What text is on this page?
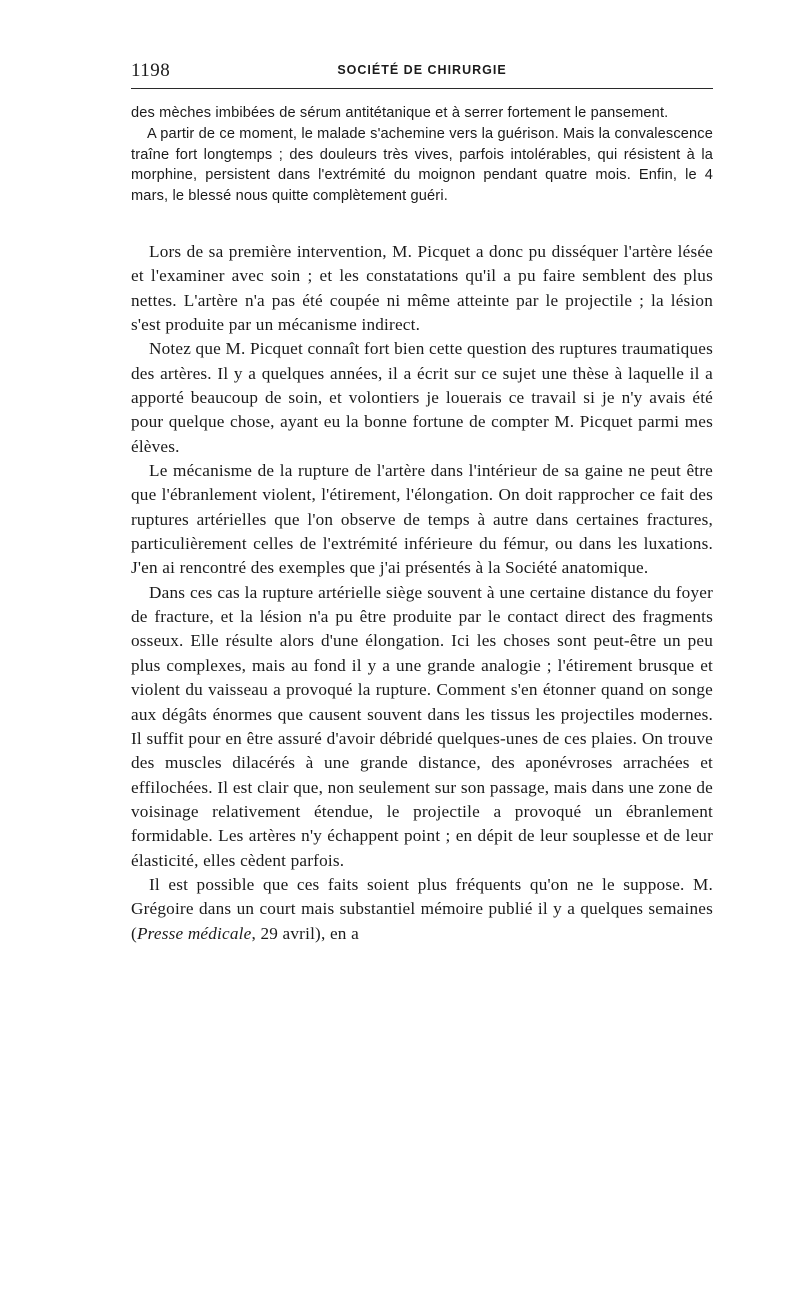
1198	SOCIÉTÉ DE CHIRURGIE

des mèches imbibées de sérum antitétanique et à serrer fortement le pansement.

A partir de ce moment, le malade s'achemine vers la guérison. Mais la convalescence traîne fort longtemps ; des douleurs très vives, parfois intolérables, qui résistent à la morphine, persistent dans l'extrémité du moignon pendant quatre mois. Enfin, le 4 mars, le blessé nous quitte complètement guéri.

Lors de sa première intervention, M. Picquet a donc pu disséquer l'artère lésée et l'examiner avec soin ; et les constatations qu'il a pu faire semblent des plus nettes. L'artère n'a pas été coupée ni même atteinte par le projectile ; la lésion s'est produite par un mécanisme indirect.

Notez que M. Picquet connaît fort bien cette question des ruptures traumatiques des artères. Il y a quelques années, il a écrit sur ce sujet une thèse à laquelle il a apporté beaucoup de soin, et volontiers je louerais ce travail si je n'y avais été pour quelque chose, ayant eu la bonne fortune de compter M. Picquet parmi mes élèves.

Le mécanisme de la rupture de l'artère dans l'intérieur de sa gaine ne peut être que l'ébranlement violent, l'étirement, l'élongation. On doit rapprocher ce fait des ruptures artérielles que l'on observe de temps à autre dans certaines fractures, particulièrement celles de l'extrémité inférieure du fémur, ou dans les luxations. J'en ai rencontré des exemples que j'ai présentés à la Société anatomique.

Dans ces cas la rupture artérielle siège souvent à une certaine distance du foyer de fracture, et la lésion n'a pu être produite par le contact direct des fragments osseux. Elle résulte alors d'une élongation. Ici les choses sont peut-être un peu plus complexes, mais au fond il y a une grande analogie ; l'étirement brusque et violent du vaisseau a provoqué la rupture. Comment s'en étonner quand on songe aux dégâts énormes que causent souvent dans les tissus les projectiles modernes. Il suffit pour en être assuré d'avoir débridé quelques-unes de ces plaies. On trouve des muscles dilacérés à une grande distance, des aponévroses arrachées et effilochées. Il est clair que, non seulement sur son passage, mais dans une zone de voisinage relativement étendue, le projectile a provoqué un ébranlement formidable. Les artères n'y échappent point ; en dépit de leur souplesse et de leur élasticité, elles cèdent parfois.

Il est possible que ces faits soient plus fréquents qu'on ne le suppose. M. Grégoire dans un court mais substantiel mémoire publié il y a quelques semaines (Presse médicale, 29 avril), en a
